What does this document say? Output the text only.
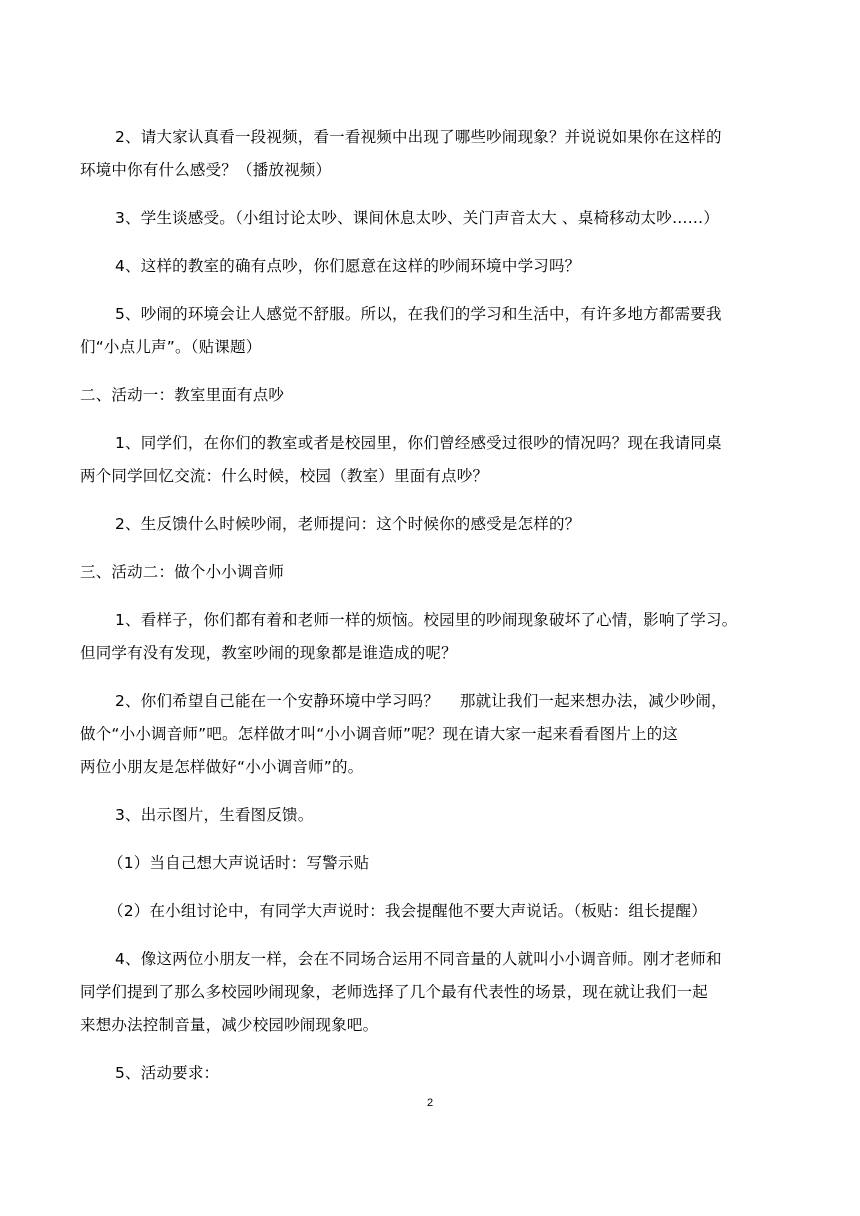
2、请大家认真看一段视频，看一看视频中出现了哪些吵闹现象？并说说如果你在这样的
环境中你有什么感受？（播放视频）
3、学生谈感受。（小组讨论太吵、课间休息太吵、关门声音太大 、桌椅移动太吵……）
4、这样的教室的确有点吵，你们愿意在这样的吵闹环境中学习吗？
5、吵闹的环境会让人感觉不舒服。所以，在我们的学习和生活中，有许多地方都需要我
们“小点儿声”。（贴课题）
二、活动一：教室里面有点吵
1、同学们，在你们的教室或者是校园里，你们曾经感受过很吵的情况吗？现在我请同桌
两个同学回忆交流：什么时候，校园（教室）里面有点吵？
2、生反馈什么时候吵闹，老师提问：这个时候你的感受是怎样的？
三、活动二：做个小小调音师
1、看样子，你们都有着和老师一样的烦恼。校园里的吵闹现象破坏了心情，影响了学习。
但同学有没有发现，教室吵闹的现象都是谁造成的呢？
2、你们希望自己能在一个安静环境中学习吗？　 那就让我们一起来想办法，减少吵闹，
做个“小小调音师”吧。怎样做才叫“小小调音师”呢？现在请大家一起来看看图片上的这
两位小朋友是怎样做好“小小调音师”的。
3、出示图片，生看图反馈。
（1）当自己想大声说话时：写警示贴
（2）在小组讨论中，有同学大声说时：我会提醒他不要大声说话。（板贴：组长提醒）
4、像这两位小朋友一样，会在不同场合运用不同音量的人就叫小小调音师。刚才老师和
同学们提到了那么多校园吵闹现象，老师选择了几个最有代表性的场景，现在就让我们一起
来想办法控制音量，减少校园吵闹现象吧。
5、活动要求：
2
